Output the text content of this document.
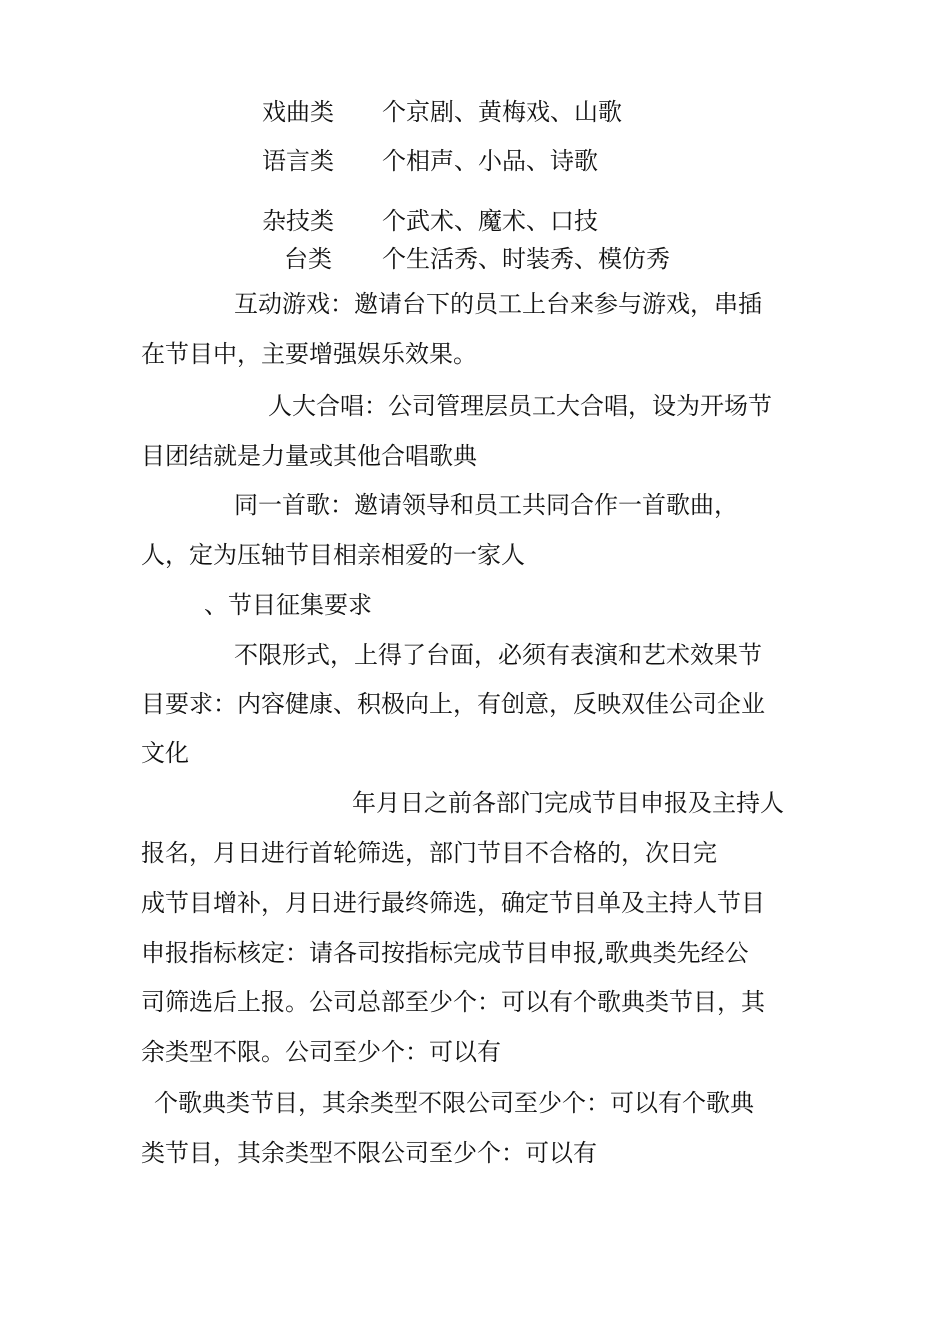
戏曲类 个京剧、黄梅戏、山歌
语言类 个相声、小品、诗歌
杂技类 个武术、魔术、口技
台类 个生活秀、时装秀、模仿秀
互动游戏：邀请台下的员工上台来参与游戏，串插
在节目中，主要增强娱乐效果。
人大合唱：公司管理层员工大合唱，设为开场节
目团结就是力量或其他合唱歌典
同一首歌：邀请领导和员工共同合作一首歌曲，
人，定为压轴节目相亲相爱的一家人
、节目征集要求
不限形式，上得了台面，必须有表演和艺术效果节
目要求：内容健康、积极向上，有创意，反映双佳公司企业
文化
年月日之前各部门完成节目申报及主持人
报名，月日进行首轮筛选，部门节目不合格的，次日完
成节目增补，月日进行最终筛选，确定节目单及主持人节目
申报指标核定：请各司按指标完成节目申报,歌典类先经公
司筛选后上报。公司总部至少个：可以有个歌典类节目，其
余类型不限。公司至少个：可以有
个歌典类节目，其余类型不限公司至少个：可以有个歌典
类节目，其余类型不限公司至少个：可以有
